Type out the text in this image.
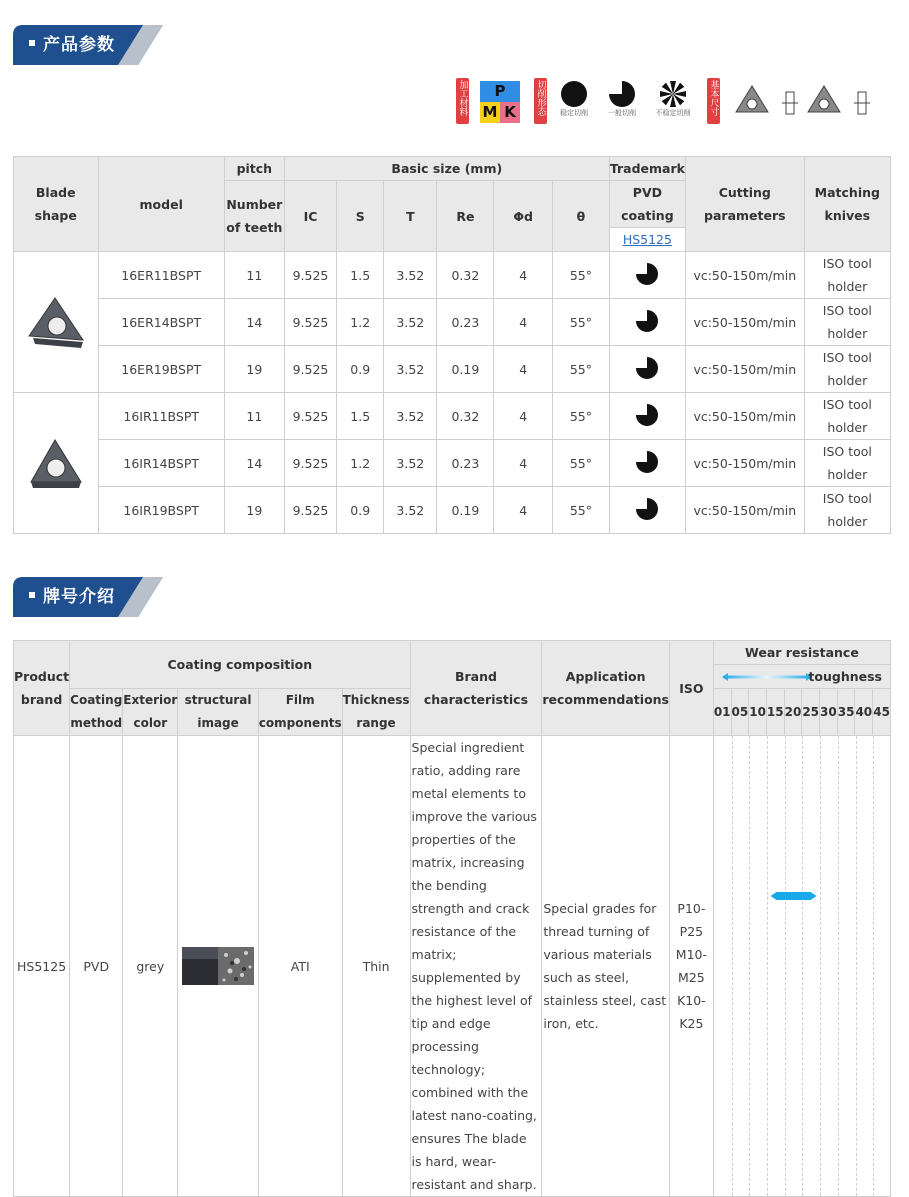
产品参数
加工材料	P
M K	切削形态	稳定切削	一般切削	不稳定切削	基本尺寸
Blade shape	model	pitch	Basic size (mm)						Trademark	Cutting parameters	Matching knives
		Number of teeth	IC	S	T	Re	Φd	θ	PVD coating		
									HS5125		

	16ER11BSPT	11	9.525	1.5	3.52	0.32	4	55°		vc:50-150m/min	ISO tool holder
	16ER14BSPT	14	9.525	1.2	3.52	0.23	4	55°		vc:50-150m/min	ISO tool holder
	16ER19BSPT	19	9.525	0.9	3.52	0.19	4	55°		vc:50-150m/min	ISO tool holder

	16IR11BSPT	11	9.525	1.5	3.52	0.32	4	55°		vc:50-150m/min	ISO tool holder
	16IR14BSPT	14	9.525	1.2	3.52	0.23	4	55°		vc:50-150m/min	ISO tool holder
	16IR19BSPT	19	9.525	0.9	3.52	0.19	4	55°		vc:50-150m/min	ISO tool holder
牌号介绍
Product brand	Coating composition					Brand characteristics	Application recommendations	ISO	Wear resistance									

									toughness									

	Coating method	Exterior color	structural image	Film components	Thickness range				01	05	10	15	20	25	30	35	40	45
HS5125	PVD	grey		ATI	Thin	Special ingredient ratio, adding rare metal elements to improve the various properties of the matrix, increasing the bending strength and crack resistance of the matrix; supplemented by the highest level of tip and edge processing technology; combined with the latest nano-coating, ensures The blade is hard, wear-resistant and sharp.	Special grades for thread turning of various materials such as steel, stainless steel, cast iron, etc.	P10-P25 M10-M25 K10-K25										
